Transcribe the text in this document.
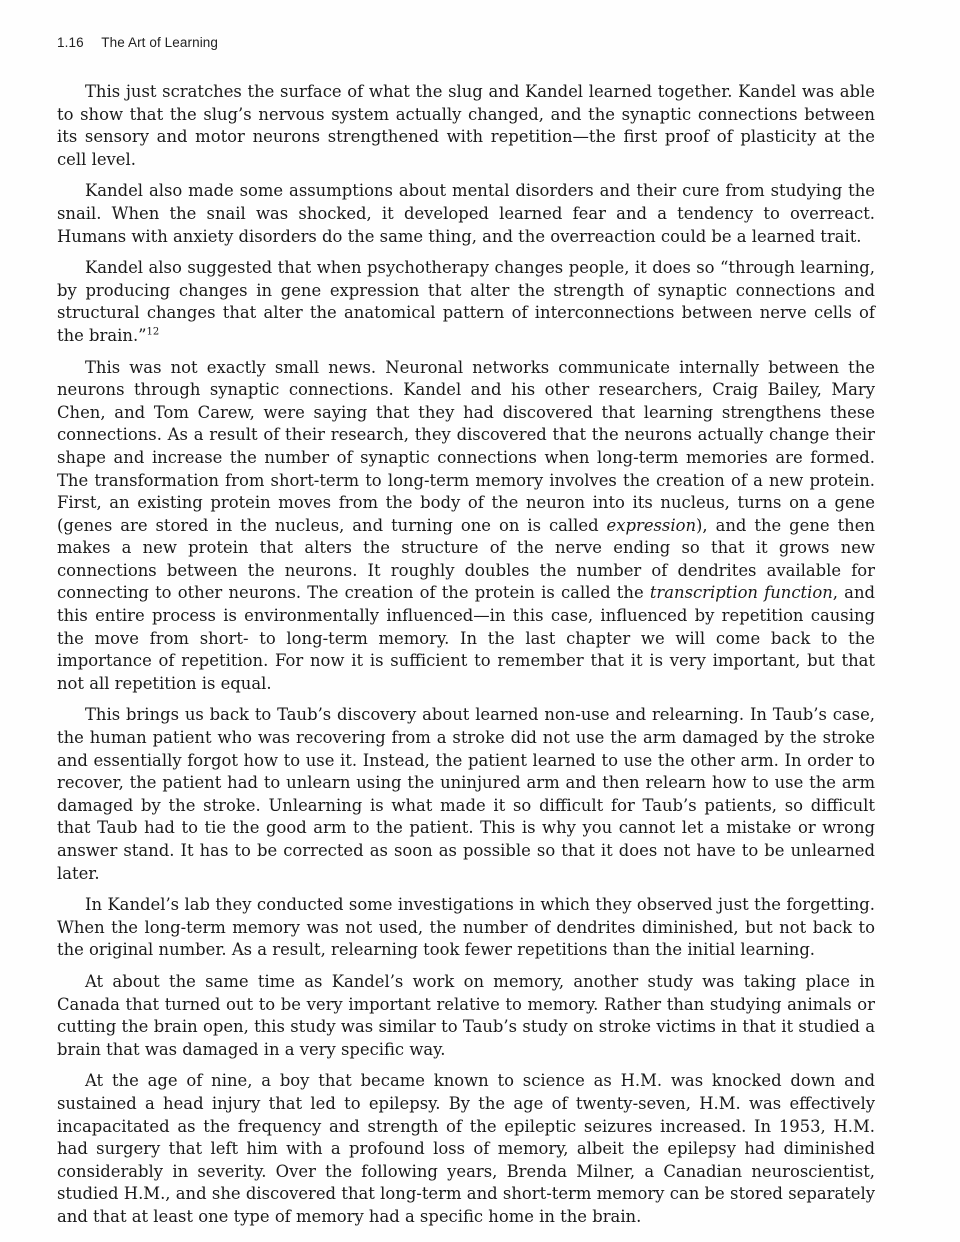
1.16 The Art of Learning

This just scratches the surface of what the slug and Kandel learned together. Kandel was able to show that the slug’s nervous system actually changed, and the synaptic connections between its sensory and motor neurons strengthened with repetition—the first proof of plasticity at the cell level.

Kandel also made some assumptions about mental disorders and their cure from studying the snail. When the snail was shocked, it developed learned fear and a tendency to overreact. Humans with anxiety disorders do the same thing, and the overreaction could be a learned trait.

Kandel also suggested that when psychotherapy changes people, it does so “through learning, by producing changes in gene expression that alter the strength of synaptic connections and structural changes that alter the anatomical pattern of interconnections between nerve cells of the brain.”$^{12}$

This was not exactly small news. Neuronal networks communicate internally between the neurons through synaptic connections. Kandel and his other researchers, Craig Bailey, Mary Chen, and Tom Carew, were saying that they had discovered that learning strengthens these connections. As a result of their research, they discovered that the neurons actually change their shape and increase the number of synaptic connections when long-term memories are formed. The transformation from short-term to long-term memory involves the creation of a new protein. First, an existing protein moves from the body of the neuron into its nucleus, turns on a gene (genes are stored in the nucleus, and turning one on is called expression), and the gene then makes a new protein that alters the structure of the nerve ending so that it grows new connections between the neurons. It roughly doubles the number of dendrites available for connecting to other neurons. The creation of the protein is called the transcription function, and this entire process is environmentally influenced—in this case, influenced by repetition causing the move from short- to long-term memory. In the last chapter we will come back to the importance of repetition. For now it is sufficient to remember that it is very important, but that not all repetition is equal.

This brings us back to Taub’s discovery about learned non-use and relearning. In Taub’s case, the human patient who was recovering from a stroke did not use the arm damaged by the stroke and essentially forgot how to use it. Instead, the patient learned to use the other arm. In order to recover, the patient had to unlearn using the uninjured arm and then relearn how to use the arm damaged by the stroke. Unlearning is what made it so difficult for Taub’s patients, so difficult that Taub had to tie the good arm to the patient. This is why you cannot let a mistake or wrong answer stand. It has to be corrected as soon as possible so that it does not have to be unlearned later.

In Kandel’s lab they conducted some investigations in which they observed just the forgetting. When the long-term memory was not used, the number of dendrites diminished, but not back to the original number. As a result, relearning took fewer repetitions than the initial learning.

At about the same time as Kandel’s work on memory, another study was taking place in Canada that turned out to be very important relative to memory. Rather than studying animals or cutting the brain open, this study was similar to Taub’s study on stroke victims in that it studied a brain that was damaged in a very specific way.

At the age of nine, a boy that became known to science as H.M. was knocked down and sustained a head injury that led to epilepsy. By the age of twenty-seven, H.M. was effectively incapacitated as the frequency and strength of the epileptic seizures increased. In 1953, H.M. had surgery that left him with a profound loss of memory, albeit the epilepsy had diminished considerably in severity. Over the following years, Brenda Milner, a Canadian neuroscientist, studied H.M., and she discovered that long-term and short-term memory can be stored separately and that at least one type of memory had a specific home in the brain.
